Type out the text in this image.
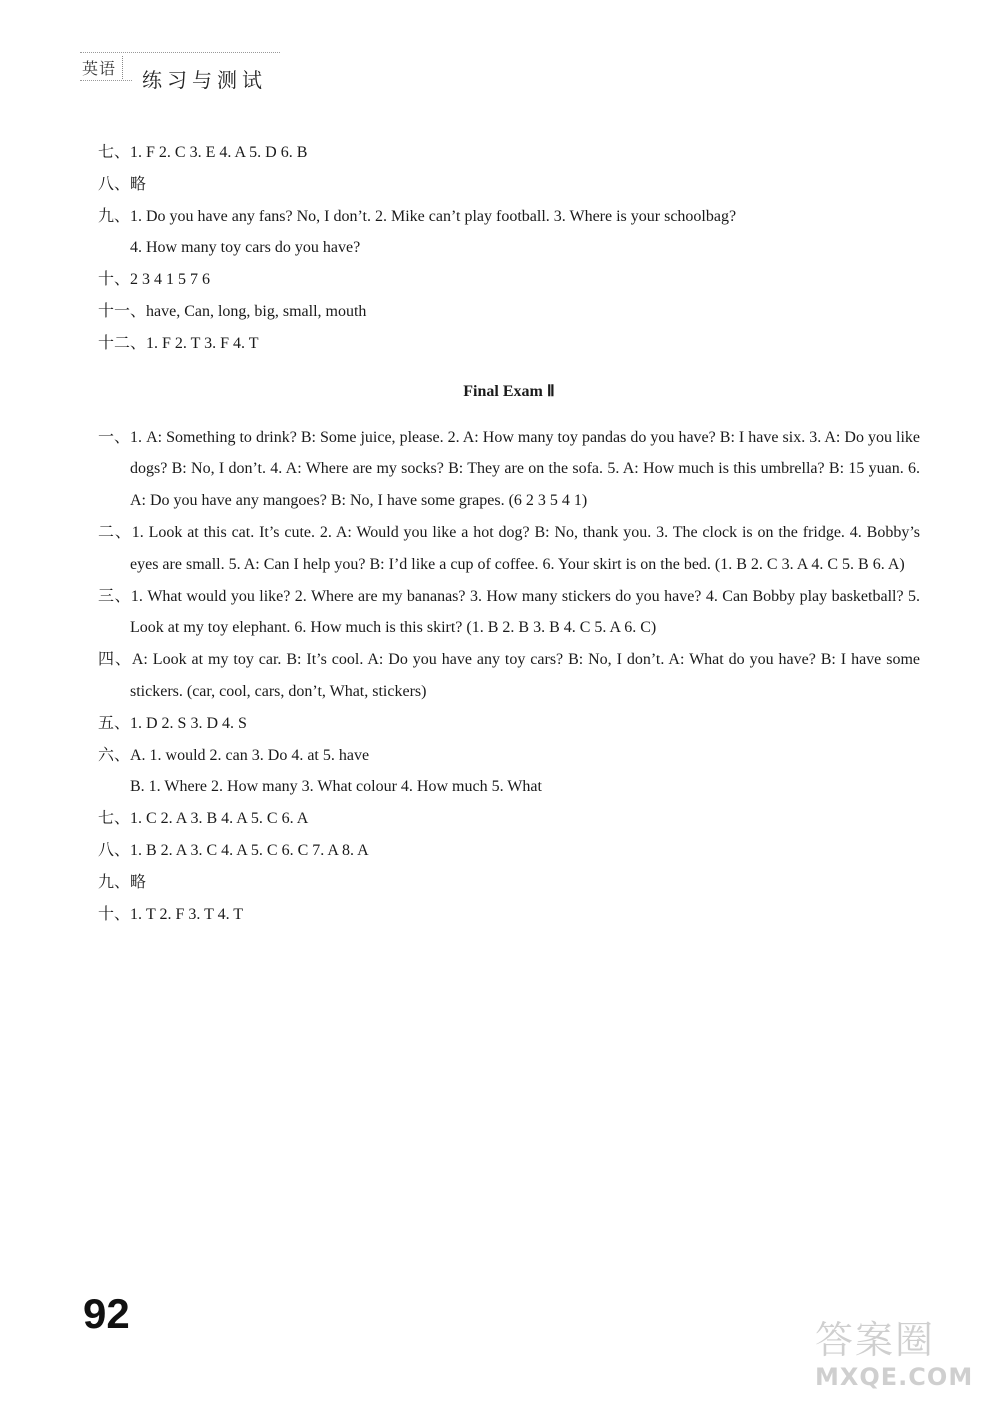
英语	练习与测试
七、1. F 2. C 3. E 4. A 5. D 6. B
八、略
九、1. Do you have any fans? No, I don’t. 2. Mike can’t play football. 3. Where is your schoolbag?
4. How many toy cars do you have?
十、2 3 4 1 5 7 6
十一、have, Can, long, big, small, mouth
十二、1. F 2. T 3. F 4. T
Final Exam Ⅱ
一、1. A: Something to drink? B: Some juice, please. 2. A: How many toy pandas do you have? B: I have six. 3. A: Do you like dogs? B: No, I don’t. 4. A: Where are my socks? B: They are on the sofa. 5. A: How much is this umbrella? B: 15 yuan. 6. A: Do you have any mangoes? B: No, I have some grapes. (6 2 3 5 4 1)
二、1. Look at this cat. It’s cute. 2. A: Would you like a hot dog? B: No, thank you. 3. The clock is on the fridge. 4. Bobby’s eyes are small. 5. A: Can I help you? B: I’d like a cup of coffee. 6. Your skirt is on the bed. (1. B 2. C 3. A 4. C 5. B 6. A)
三、1. What would you like? 2. Where are my bananas? 3. How many stickers do you have? 4. Can Bobby play basketball? 5. Look at my toy elephant. 6. How much is this skirt? (1. B 2. B 3. B 4. C 5. A 6. C)
四、A: Look at my toy car. B: It’s cool. A: Do you have any toy cars? B: No, I don’t. A: What do you have? B: I have some stickers. (car, cool, cars, don’t, What, stickers)
五、1. D 2. S 3. D 4. S
六、A. 1. would 2. can 3. Do 4. at 5. have
B. 1. Where 2. How many 3. What colour 4. How much 5. What
七、1. C 2. A 3. B 4. A 5. C 6. A
八、1. B 2. A 3. C 4. A 5. C 6. C 7. A 8. A
九、略
十、1. T 2. F 3. T 4. T
92
答案圈
MXQE.COM
